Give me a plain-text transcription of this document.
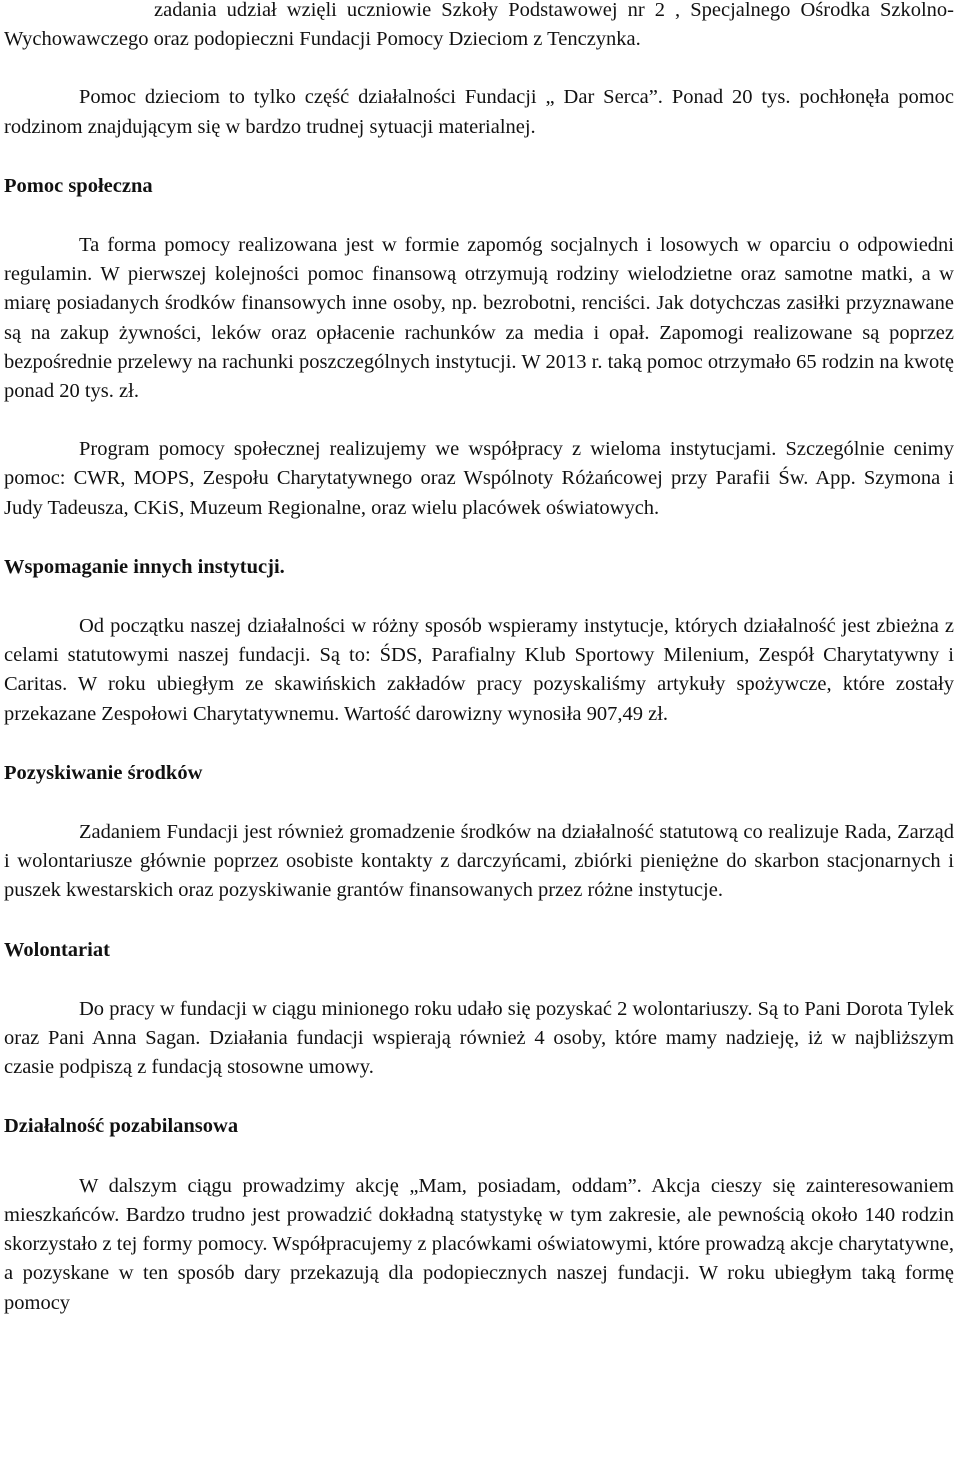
zadania udział wzięli uczniowie Szkoły Podstawowej nr 2 , Specjalnego Ośrodka Szkolno- Wychowawczego oraz podopieczni Fundacji Pomocy Dzieciom z Tenczynka.

Pomoc dzieciom to tylko część działalności Fundacji „ Dar Serca”. Ponad 20 tys. pochłonęła pomoc rodzinom znajdującym się w bardzo trudnej sytuacji materialnej.

Pomoc społeczna

Ta forma pomocy realizowana jest w formie zapomóg socjalnych i losowych w oparciu o odpowiedni regulamin. W pierwszej kolejności pomoc finansową otrzymują rodziny wielodzietne oraz samotne matki, a w miarę posiadanych środków finansowych inne osoby, np. bezrobotni, renciści. Jak dotychczas zasiłki przyznawane są na zakup żywności, leków oraz opłacenie rachunków za media i opał. Zapomogi realizowane są poprzez bezpośrednie przelewy na rachunki poszczególnych instytucji. W 2013 r. taką pomoc otrzymało 65 rodzin na kwotę ponad 20 tys. zł.

Program pomocy społecznej realizujemy we współpracy z wieloma instytucjami. Szczególnie cenimy pomoc: CWR, MOPS, Zespołu Charytatywnego oraz Wspólnoty Różańcowej przy Parafii Św. App. Szymona i Judy Tadeusza, CKiS, Muzeum Regionalne, oraz wielu placówek oświatowych.

Wspomaganie innych instytucji.

Od początku naszej działalności w różny sposób wspieramy instytucje, których działalność jest zbieżna z celami statutowymi naszej fundacji. Są to: ŚDS, Parafialny Klub Sportowy Milenium, Zespół Charytatywny i Caritas. W roku ubiegłym ze skawińskich zakładów pracy pozyskaliśmy artykuły spożywcze, które zostały przekazane Zespołowi Charytatywnemu. Wartość darowizny wynosiła 907,49 zł.

Pozyskiwanie środków

Zadaniem Fundacji jest również gromadzenie środków na działalność statutową co realizuje Rada, Zarząd i wolontariusze głównie poprzez osobiste kontakty z darczyńcami, zbiórki pieniężne do skarbon stacjonarnych i puszek kwestarskich oraz pozyskiwanie grantów finansowanych przez różne instytucje.

Wolontariat

Do pracy w fundacji w ciągu minionego roku udało się pozyskać 2 wolontariuszy. Są to Pani Dorota Tylek oraz Pani Anna Sagan. Działania fundacji wspierają również 4 osoby, które mamy nadzieję, iż w najbliższym czasie podpiszą z fundacją stosowne umowy.

Działalność pozabilansowa

W dalszym ciągu prowadzimy akcję „Mam, posiadam, oddam”. Akcja cieszy się zainteresowaniem mieszkańców. Bardzo trudno jest prowadzić dokładną statystykę w tym zakresie, ale pewnością około 140 rodzin skorzystało z tej formy pomocy. Współpracujemy z placówkami oświatowymi, które prowadzą akcje charytatywne, a pozyskane w ten sposób dary przekazują dla podopiecznych naszej fundacji. W roku ubiegłym taką formę pomocy
